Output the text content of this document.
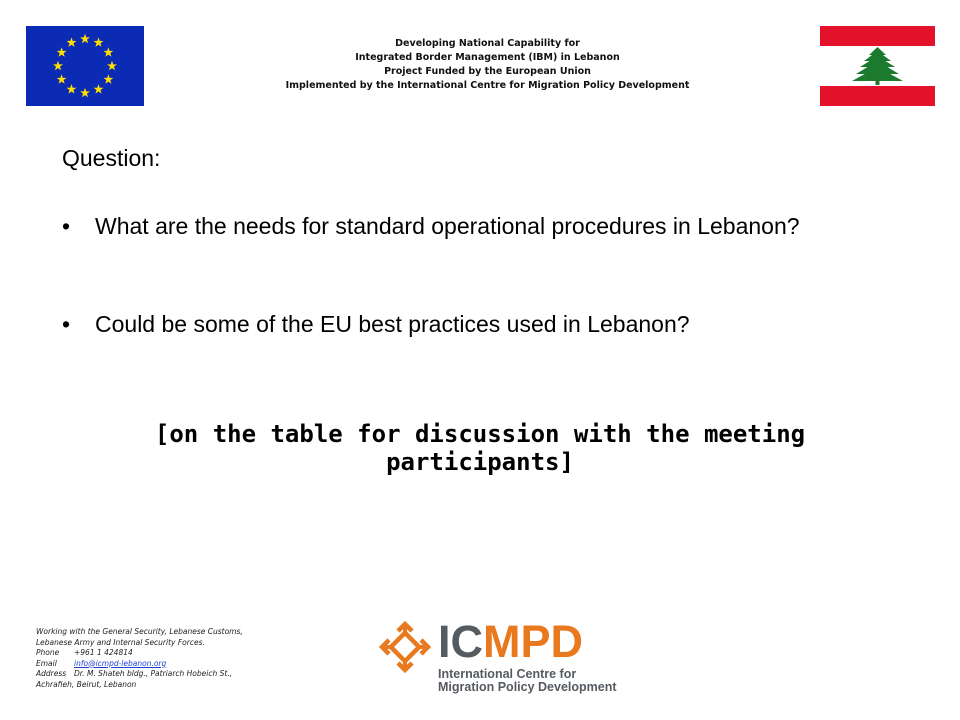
Developing National Capability for
Integrated Border Management (IBM) in Lebanon
Project Funded by the European Union
Implemented by the International Centre for Migration Policy Development
Question:
• What are the needs for standard operational procedures in Lebanon?
• Could be some of the EU best practices used in Lebanon?
[on the table for discussion with the meeting participants]
Working with the General Security, Lebanese Customs,
Lebanese Army and Internal Security Forces.
Phone +961 1 424814
Email info@icmpd-lebanon.org
Address Dr. M. Shateh bldg., Patriarch Hobeich St.,
Achrafieh, Beirut, Lebanon
ICMPD
International Centre for
Migration Policy Development
